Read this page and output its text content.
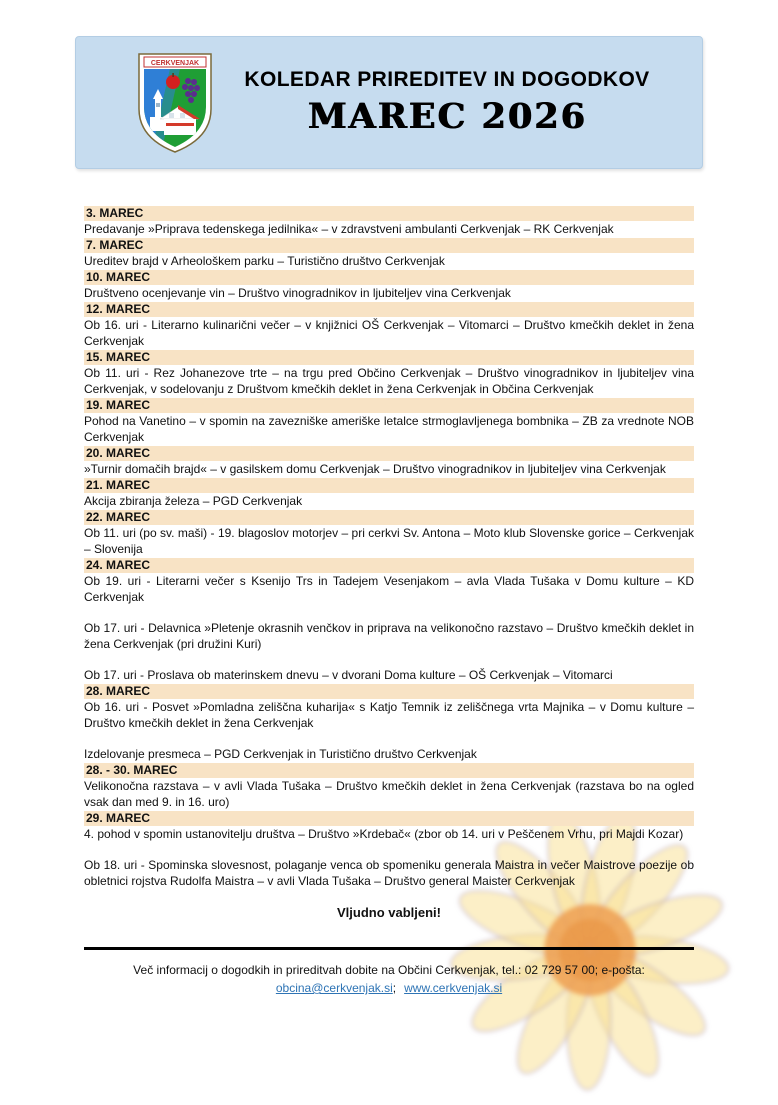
CERKVENJAK
KOLEDAR PRIREDITEV IN DOGODKOV
MAREC 2026
3. MAREC

Predavanje »Priprava tedenskega jedilnika« – v zdravstveni ambulanti Cerkvenjak – RK Cerkvenjak

7. MAREC

Ureditev brajd v Arheološkem parku – Turistično društvo Cerkvenjak

10. MAREC

Društveno ocenjevanje vin – Društvo vinogradnikov in ljubiteljev vina Cerkvenjak

12. MAREC

Ob 16. uri - Literarno kulinarični večer – v knjižnici OŠ Cerkvenjak – Vitomarci – Društvo kmečkih deklet in žena Cerkvenjak

15. MAREC

Ob 11. uri - Rez Johanezove trte – na trgu pred Občino Cerkvenjak – Društvo vinogradnikov in ljubiteljev vina Cerkvenjak, v sodelovanju z Društvom kmečkih deklet in žena Cerkvenjak in Občina Cerkvenjak

19. MAREC

Pohod na Vanetino – v spomin na zavezniške ameriške letalce strmoglavljenega bombnika – ZB za vrednote NOB Cerkvenjak

20. MAREC

»Turnir domačih brajd« – v gasilskem domu Cerkvenjak – Društvo vinogradnikov in ljubiteljev vina Cerkvenjak

21. MAREC

Akcija zbiranja železa – PGD Cerkvenjak

22. MAREC

Ob 11. uri (po sv. maši) - 19. blagoslov motorjev – pri cerkvi Sv. Antona – Moto klub Slovenske gorice – Cerkvenjak – Slovenija

24. MAREC

Ob 19. uri - Literarni večer s Ksenijo Trs in Tadejem Vesenjakom – avla Vlada Tušaka v Domu kulture – KD Cerkvenjak

Ob 17. uri - Delavnica »Pletenje okrasnih venčkov in priprava na velikonočno razstavo – Društvo kmečkih deklet in žena Cerkvenjak (pri družini Kuri)

Ob 17. uri - Proslava ob materinskem dnevu – v dvorani Doma kulture – OŠ Cerkvenjak – Vitomarci

28. MAREC

Ob 16. uri - Posvet »Pomladna zeliščna kuharija« s Katjo Temnik iz zeliščnega vrta Majnika – v Domu kulture – Društvo kmečkih deklet in žena Cerkvenjak

Izdelovanje presmeca – PGD Cerkvenjak in Turistično društvo Cerkvenjak

28. - 30. MAREC

Velikonočna razstava – v avli Vlada Tušaka – Društvo kmečkih deklet in žena Cerkvenjak (razstava bo na ogled vsak dan med 9. in 16. uro)

29. MAREC

4. pohod v spomin ustanovitelju društva – Društvo »Krdebač« (zbor ob 14. uri v Peščenem Vrhu, pri Majdi Kozar)

Ob 18. uri - Spominska slovesnost, polaganje venca ob spomeniku generala Maistra in večer Maistrove poezije ob obletnici rojstva Rudolfa Maistra – v avli Vlada Tušaka – Društvo general Maister Cerkvenjak

Vljudno vabljeni!
Več informacij o dogodkih in prireditvah dobite na Občini Cerkvenjak, tel.: 02 729 57 00; e-pošta:
obcina@cerkvenjak.si; www.cerkvenjak.si
